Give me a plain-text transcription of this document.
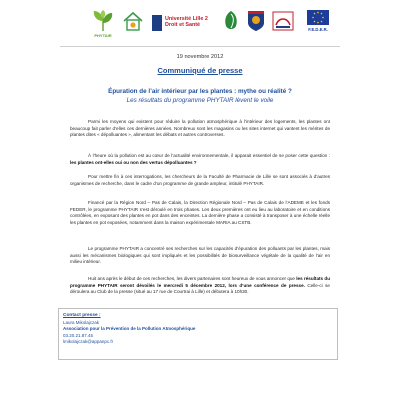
PHYTAIR
Université Lille 2
Droit et Santé
F.E.D.E.R.
19 novembre 2012
Communiqué de presse
Épuration de l’air intérieur par les plantes : mythe ou réalité ?
Les résultats du programme PHYTAIR lèvent le voile
Parmi les moyens qui existent pour réduire la pollution atmosphérique à l’intérieur des logements, les plantes ont beaucoup fait parler d’elles ces dernières années. Nombreux sont les magasins ou les sites internet qui vantent les mérites de plantes dites « dépolluantes », alimentant les débats et autres controverses.
À l’heure où la pollution est au cœur de l’actualité environnementale, il apparait essentiel de se poser cette question : les plantes ont-elles oui ou non des vertus dépolluantes ?
Pour mettre fin à ces interrogations, les chercheurs de la Faculté de Pharmacie de Lille se sont associés à d’autres organismes de recherche, dans le cadre d’un programme de grande ampleur, intitulé PHYTAIR.
Financé par la Région Nord – Pas de Calais, la Direction Régionale Nord – Pas de Calais de l’ADEME et les fonds FEDER, le programme PHYTAIR s’est déroulé en trois phases. Les deux premières ont eu lieu au laboratoire et en conditions contrôlées, en exposant des plantes en pot dans des enceintes. La dernière phase a consisté à transposer à une échelle réelle les plantes en pot exposées, notamment dans la maison expérimentale MARIA au CSTB.
Le programme PHYTAIR a concentré ses recherches sur les capacités d’épuration des polluants par les plantes, mais aussi les mécanismes biologiques qui sont impliqués et les possibilités de biosurveillance végétale de la qualité de l’air en milieu intérieur.
Huit ans après le début de ces recherches, les divers partenaires sont heureux de vous annoncer que les résultats du programme PHYTAIR seront dévoilés le mercredi 5 décembre 2012, lors d’une conférence de presse. Celle-ci se déroulera au Club de la presse (situé au 17 rue de Courtrai à Lille) et débutera à 10h30.
Contact presse :
Laura Mikolajczak
Association pour la Prévention de la Pollution Atmosphérique
03.20.21.87.45
lmikolajczak@appanpc.fr
